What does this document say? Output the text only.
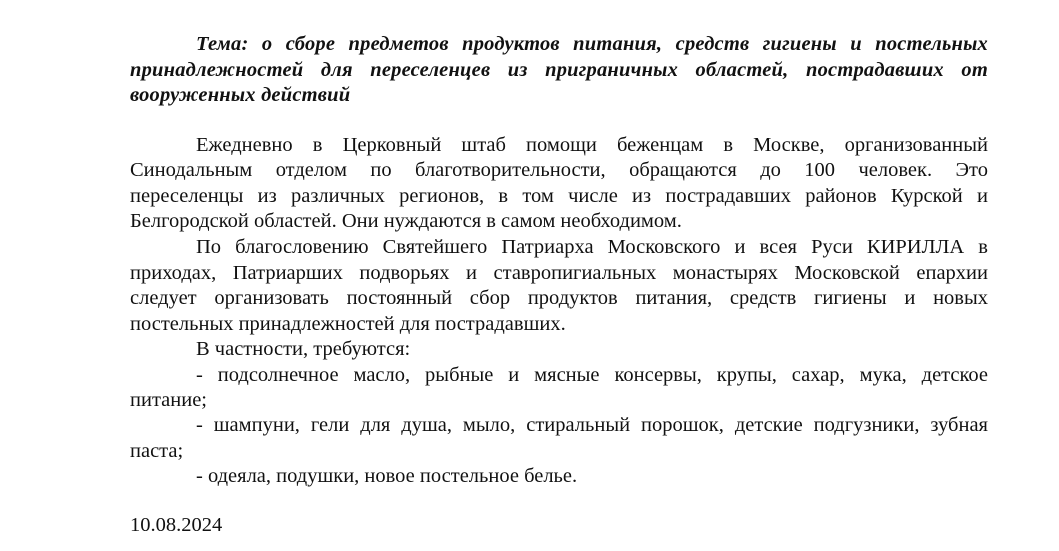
Тема: о сборе предметов продуктов питания, средств гигиены и постельных
принадлежностей для переселенцев из приграничных областей, пострадавших от
вооруженных действий
Ежедневно в Церковный штаб помощи беженцам в Москве, организованный
Синодальным отделом по благотворительности, обращаются до 100 человек. Это
переселенцы из различных регионов, в том числе из пострадавших районов Курской и
Белгородской областей. Они нуждаются в самом необходимом.
По благословению Святейшего Патриарха Московского и всея Руси КИРИЛЛА в
приходах, Патриарших подворьях и ставропигиальных монастырях Московской епархии
следует организовать постоянный сбор продуктов питания, средств гигиены и новых
постельных принадлежностей для пострадавших.
В частности, требуются:
- подсолнечное масло, рыбные и мясные консервы, крупы, сахар, мука, детское
питание;
- шампуни, гели для душа, мыло, стиральный порошок, детские подгузники, зубная
паста;
- одеяла, подушки, новое постельное белье.
10.08.2024
